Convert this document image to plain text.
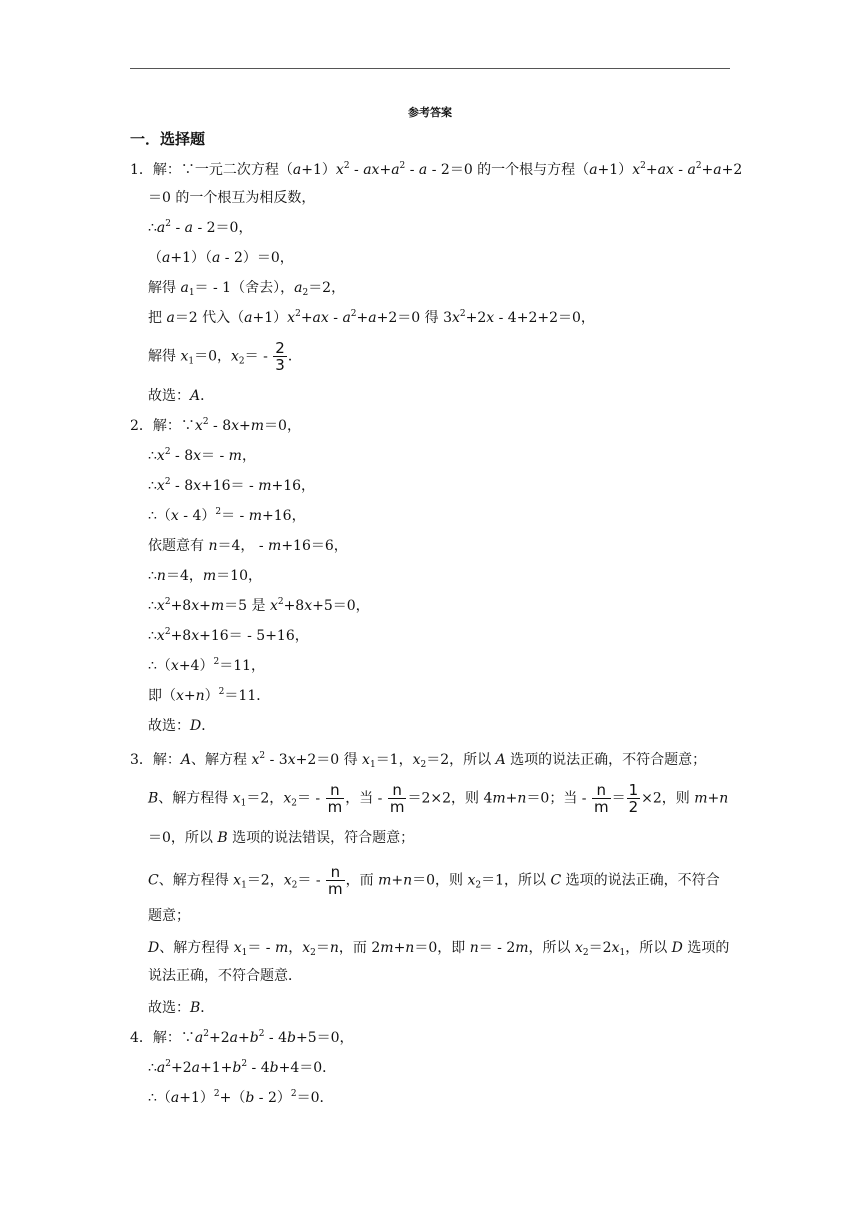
参考答案
一．选择题
1．解：∵一元二次方程$(a+1)x^2 - ax+a^2 - a - 2=0$ 的一个根与方程$(a+1)x^2+ax - a^2+a+2$
＝0 的一个根互为相反数，
$\therefore a^2 - a - 2=0$，
（a+1）（a - 2）＝0，
解得 $a_1= - 1$（舍去），$a_2=2$，
把 a＝2 代入$(a+1)x^2+ax - a^2+a+2=0$ 得 $3x^2+2x - 4+2+2=0$，
解得 $x_1=0$，$x_2= - \frac{2}{3}$ ．
故选：A．
2．解：$\because x^2 - 8x+m=0$，
$\therefore x^2 - 8x= - m$，
$\therefore x^2 - 8x+16= - m+16$，
∴（x - 4）$^2$＝ - m+16，
依题意有 n＝4， - m+16＝6，
∴n＝4，m＝10，
$\therefore x^2+8x+m=5$ 是 $x^2+8x+5=0$，
$\therefore x^2+8x+16= - 5+16$，
$\therefore(x+4)^2=11$，
即$(x+n)^2=11$．
故选：D．
3．解：A、解方程 $x^2 - 3x+2=0$ 得 $x_1=1$，$x_2=2$，所以 A 选项的说法正确，不符合题意；
B、解方程得 $x_1=2$，$x_2= - \frac{n}{m}$ ，当 - $\frac{n}{m} =2\times 2$，则 4m+n＝0；当 - $\frac{n}{m} = \frac{1}{2} \times 2$，则 m+n
＝0，所以 B 选项的说法错误，符合题意；
C、解方程得 $x_1=2$，$x_2= - \frac{n}{m}$ ，而 m+n＝0，则 $x_2=1$，所以 C 选项的说法正确，不符合
题意；
D、解方程得 $x_1= - m$，$x_2=n$，而 2m+n＝0，即 n＝ - 2m，所以 $x_2=2x_1$，所以 D 选项的
说法正确，不符合题意．
故选：B．
4．解：$\because a^2+2a+b^2 - 4b+5=0$，
$\therefore a^2+2a+1+b^2 - 4b+4=0$．
$\therefore(a+1)^2+(b - 2)^2=0$．
